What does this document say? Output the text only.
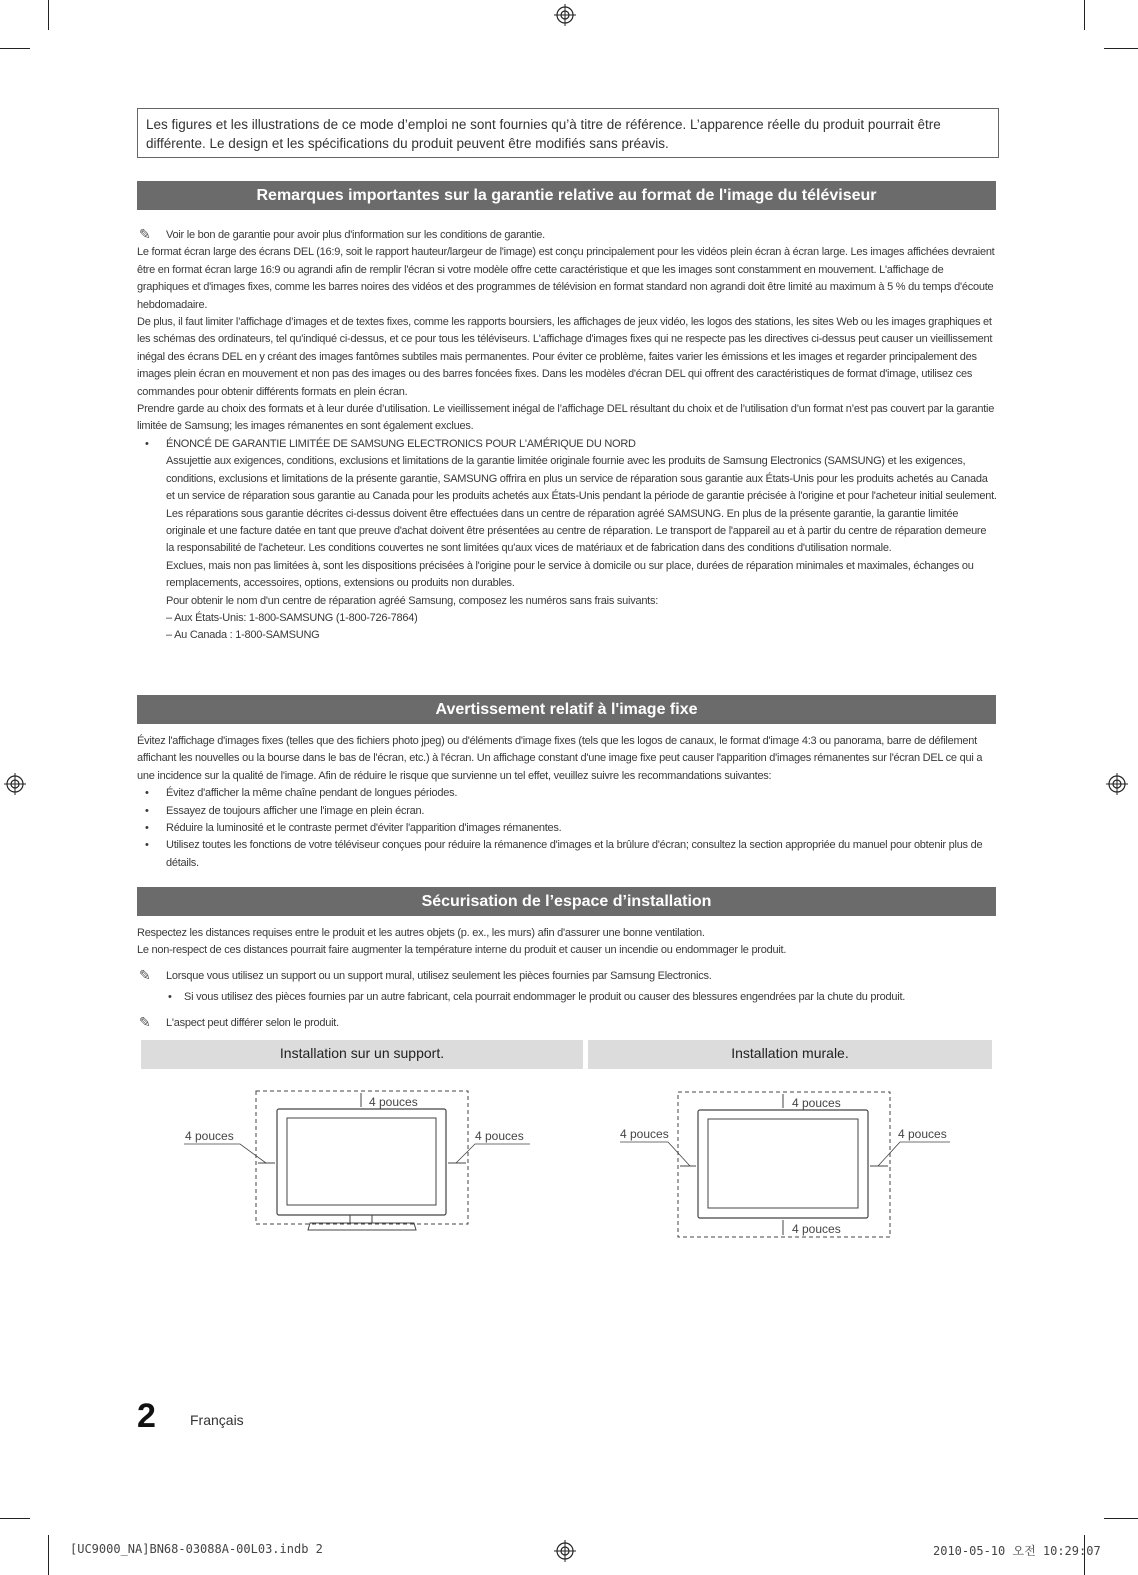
Les figures et les illustrations de ce mode d’emploi ne sont fournies qu’à titre de référence. L’apparence réelle du produit pourrait être différente. Le design et les spécifications du produit peuvent être modifiés sans préavis.
Remarques importantes sur la garantie relative au format de l'image du téléviseur

✎ Voir le bon de garantie pour avoir plus d'information sur les conditions de garantie.

Le format écran large des écrans DEL (16:9, soit le rapport hauteur/largeur de l'image) est conçu principalement pour les vidéos plein écran à écran large. Les images affichées devraient être en format écran large 16:9 ou agrandi afin de remplir l'écran si votre modèle offre cette caractéristique et que les images sont constamment en mouvement. L'affichage de graphiques et d'images fixes, comme les barres noires des vidéos et des programmes de télévision en format standard non agrandi doit être limité au maximum à 5 % du temps d'écoute hebdomadaire.

De plus, il faut limiter l’affichage d’images et de textes fixes, comme les rapports boursiers, les affichages de jeux vidéo, les logos des stations, les sites Web ou les images graphiques et les schémas des ordinateurs, tel qu'indiqué ci-dessus, et ce pour tous les téléviseurs. L'affichage d'images fixes qui ne respecte pas les directives ci-dessus peut causer un vieillissement inégal des écrans DEL en y créant des images fantômes subtiles mais permanentes. Pour éviter ce problème, faites varier les émissions et les images et regarder principalement des images plein écran en mouvement et non pas des images ou des barres foncées fixes. Dans les modèles d'écran DEL qui offrent des caractéristiques de format d'image, utilisez ces commandes pour obtenir différents formats en plein écran.

Prendre garde au choix des formats et à leur durée d’utilisation. Le vieillissement inégal de l’affichage DEL résultant du choix et de l’utilisation d’un format n’est pas couvert par la garantie limitée de Samsung; les images rémanentes en sont également exclues.

• ÉNONCÉ DE GARANTIE LIMITÉE DE SAMSUNG ELECTRONICS POUR L'AMÉRIQUE DU NORD

Assujettie aux exigences, conditions, exclusions et limitations de la garantie limitée originale fournie avec les produits de Samsung Electronics (SAMSUNG) et les exigences, conditions, exclusions et limitations de la présente garantie, SAMSUNG offrira en plus un service de réparation sous garantie aux États-Unis pour les produits achetés au Canada et un service de réparation sous garantie au Canada pour les produits achetés aux États-Unis pendant la période de garantie précisée à l'origine et pour l'acheteur initial seulement.

Les réparations sous garantie décrites ci-dessus doivent être effectuées dans un centre de réparation agréé SAMSUNG. En plus de la présente garantie, la garantie limitée originale et une facture datée en tant que preuve d'achat doivent être présentées au centre de réparation. Le transport de l'appareil au et à partir du centre de réparation demeure la responsabilité de l'acheteur. Les conditions couvertes ne sont limitées qu'aux vices de matériaux et de fabrication dans des conditions d'utilisation normale.

Exclues, mais non pas limitées à, sont les dispositions précisées à l'origine pour le service à domicile ou sur place, durées de réparation minimales et maximales, échanges ou remplacements, accessoires, options, extensions ou produits non durables.

Pour obtenir le nom d'un centre de réparation agréé Samsung, composez les numéros sans frais suivants:

– Aux États-Unis: 1-800-SAMSUNG (1-800-726-7864)

– Au Canada : 1-800-SAMSUNG

Avertissement relatif à l'image fixe

Évitez l'affichage d'images fixes (telles que des fichiers photo jpeg) ou d'éléments d'image fixes (tels que les logos de canaux, le format d'image 4:3 ou panorama, barre de défilement affichant les nouvelles ou la bourse dans le bas de l'écran, etc.) à l'écran. Un affichage constant d'une image fixe peut causer l'apparition d'images rémanentes sur l'écran DEL ce qui a une incidence sur la qualité de l'image. Afin de réduire le risque que survienne un tel effet, veuillez suivre les recommandations suivantes:

• Évitez d'afficher la même chaîne pendant de longues périodes.

• Essayez de toujours afficher une l'image en plein écran.

• Réduire la luminosité et le contraste permet d'éviter l'apparition d'images rémanentes.

• Utilisez toutes les fonctions de votre téléviseur conçues pour réduire la rémanence d'images et la brûlure d'écran; consultez la section appropriée du manuel pour obtenir plus de détails.

Sécurisation de l’espace d’installation

Respectez les distances requises entre le produit et les autres objets (p. ex., les murs) afin d'assurer une bonne ventilation.

Le non-respect de ces distances pourrait faire augmenter la température interne du produit et causer un incendie ou endommager le produit.

✎ Lorsque vous utilisez un support ou un support mural, utilisez seulement les pièces fournies par Samsung Electronics.

• Si vous utilisez des pièces fournies par un autre fabricant, cela pourrait endommager le produit ou causer des blessures engendrées par la chute du produit.

✎ L'aspect peut différer selon le produit.

Installation sur un support.	Installation murale.
4 pouces
4 pouces	4 pouces
4 pouces
4 pouces
4 pouces	4 pouces
2 Français
[UC9000_NA]BN68-03088A-00L03.indb 2	2010-05-10 오전 10:29:07
